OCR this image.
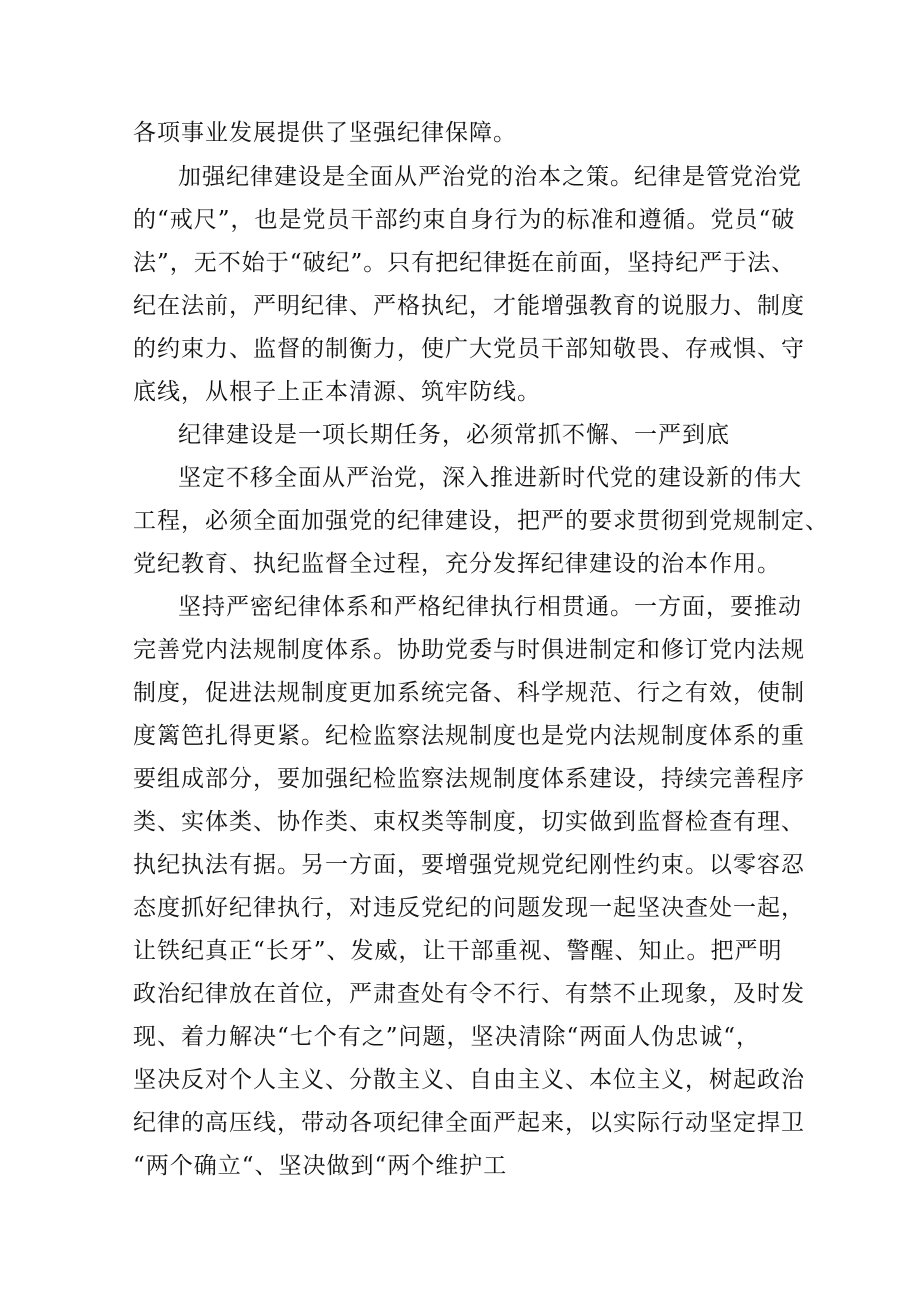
各项事业发展提供了坚强纪律保障。
加强纪律建设是全面从严治党的治本之策。纪律是管党治党
的“戒尺”，也是党员干部约束自身行为的标准和遵循。党员“破
法”，无不始于“破纪”。只有把纪律挺在前面，坚持纪严于法、
纪在法前，严明纪律、严格执纪，才能增强教育的说服力、制度
的约束力、监督的制衡力，使广大党员干部知敬畏、存戒惧、守
底线，从根子上正本清源、筑牢防线。
纪律建设是一项长期任务，必须常抓不懈、一严到底
坚定不移全面从严治党，深入推进新时代党的建设新的伟大
工程，必须全面加强党的纪律建设，把严的要求贯彻到党规制定、
党纪教育、执纪监督全过程，充分发挥纪律建设的治本作用。
坚持严密纪律体系和严格纪律执行相贯通。一方面，要推动
完善党内法规制度体系。协助党委与时俱进制定和修订党内法规
制度，促进法规制度更加系统完备、科学规范、行之有效，使制
度篱笆扎得更紧。纪检监察法规制度也是党内法规制度体系的重
要组成部分，要加强纪检监察法规制度体系建设，持续完善程序
类、实体类、协作类、束权类等制度，切实做到监督检查有理、
执纪执法有据。另一方面，要增强党规党纪刚性约束。以零容忍
态度抓好纪律执行，对违反党纪的问题发现一起坚决查处一起，
让铁纪真正“长牙”、发威，让干部重视、警醒、知止。把严明
政治纪律放在首位，严肃查处有令不行、有禁不止现象，及时发
现、着力解决“七个有之”问题，坚决清除“两面人伪忠诚“，
坚决反对个人主义、分散主义、自由主义、本位主义，树起政治
纪律的高压线，带动各项纪律全面严起来，以实际行动坚定捍卫
“两个确立“、坚决做到“两个维护工
